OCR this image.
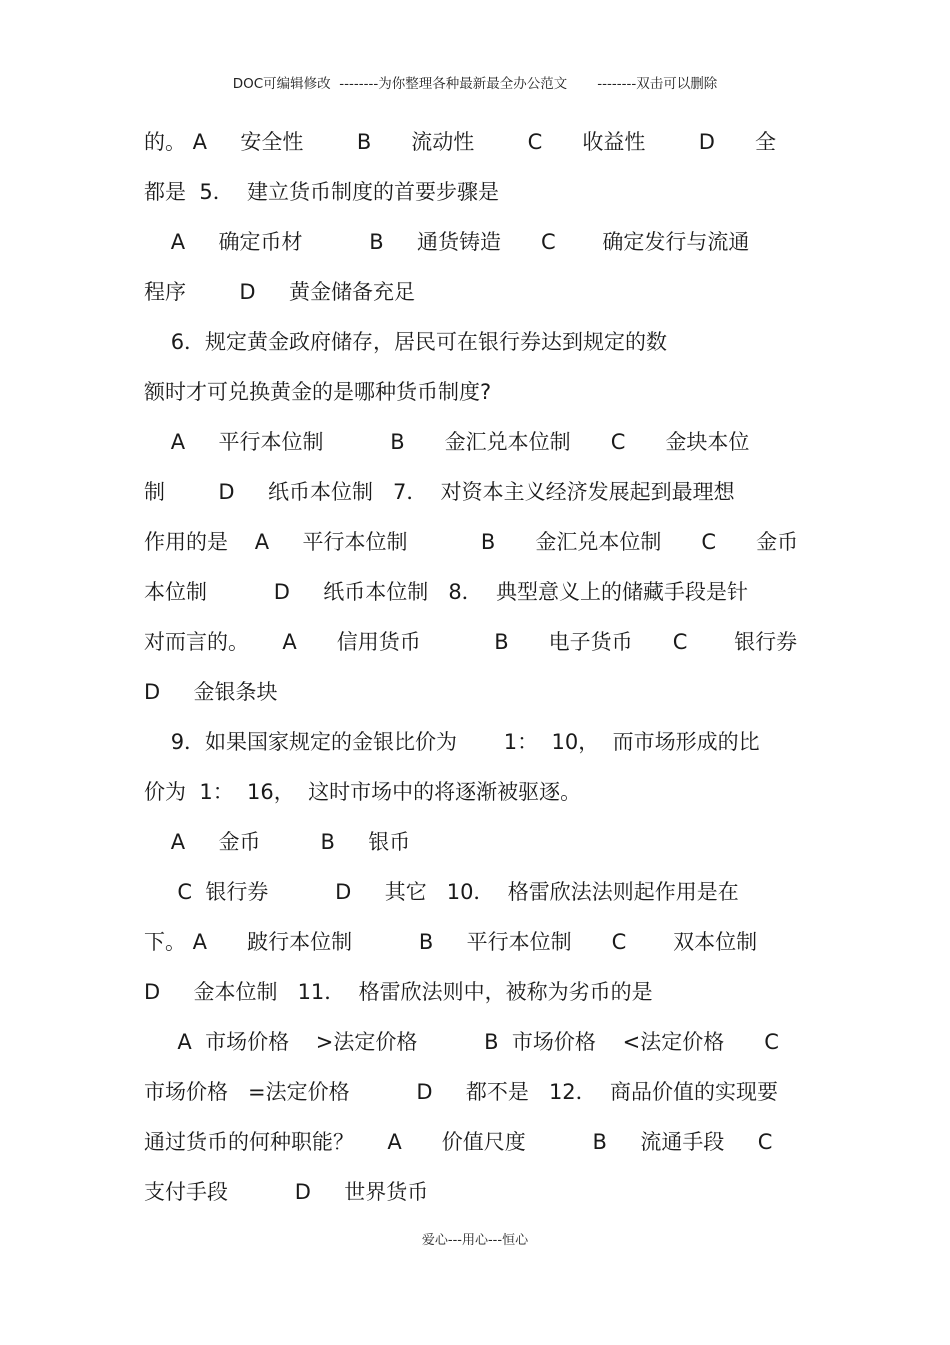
DOC可编辑修改  --------为你整理各种最新最全办公范文       --------双击可以删除
的。 A     安全性        B      流动性        C      收益性        D      全
都是  5．  建立货币制度的首要步骤是
A     确定币材          B     通货铸造      C       确定发行与流通
程序        D     黄金储备充足
6．规定黄金政府储存，居民可在银行券达到规定的数
额时才可兑换黄金的是哪种货币制度?
A     平行本位制          B      金汇兑本位制      C      金块本位
制        D     纸币本位制   7．  对资本主义经济发展起到最理想
作用的是    A     平行本位制           B      金汇兑本位制      C      金币
本位制          D     纸币本位制   8．  典型意义上的储藏手段是针
对而言的。     A      信用货币           B      电子货币      C       银行券
D     金银条块
9．如果国家规定的金银比价为       1：  10，  而市场形成的比
价为  1：  16，  这时市场中的将逐渐被驱逐。
A     金币         B     银币
C  银行券          D     其它   10．  格雷欣法法则起作用是在
下。 A      跛行本位制          B     平行本位制      C       双本位制
D     金本位制   11．  格雷欣法则中，被称为劣币的是
A  市场价格    >法定价格          B  市场价格    <法定价格      C
市场价格   =法定价格          D     都不是   12．  商品价值的实现要
通过货币的何种职能？     A      价值尺度          B     流通手段     C
支付手段          D     世界货币
爱心---用心---恒心
